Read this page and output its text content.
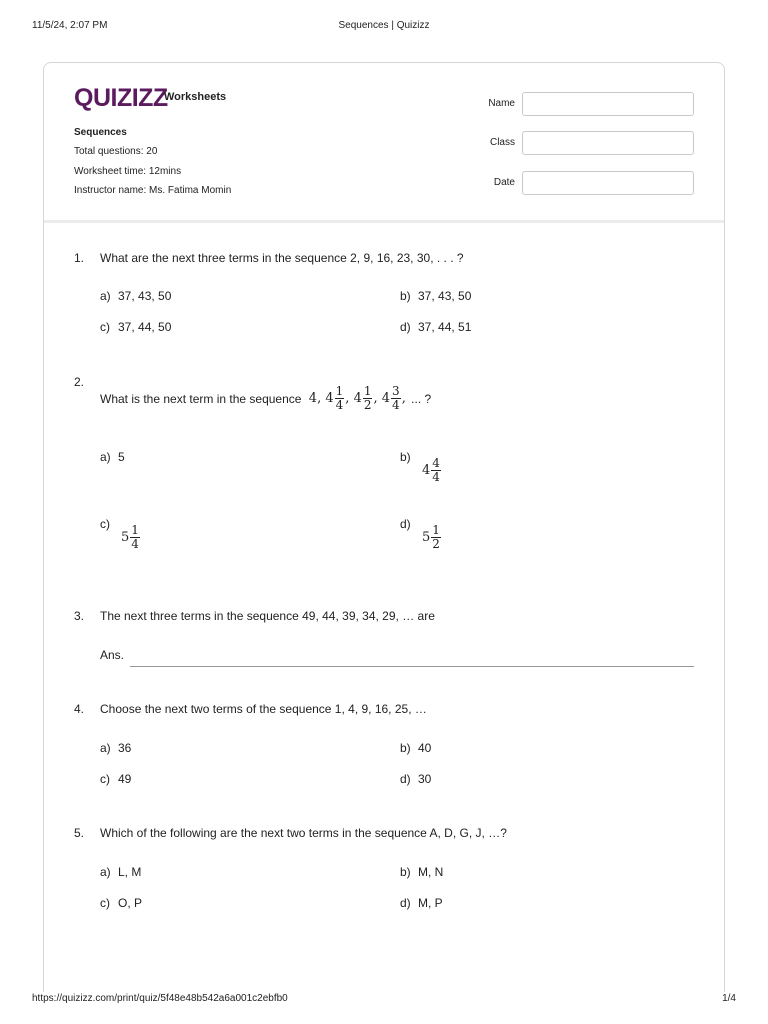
11/5/24, 2:07 PM	Sequences | Quizizz
QUIZIZZ
Worksheets
Sequences
Total questions: 20
Worksheet time: 12mins
Instructor name: Ms. Fatima Momin
Name
Class
Date
1. What are the next three terms in the sequence 2, 9, 16, 23, 30, . . . ?
a) 37, 43, 50	b) 37, 43, 50
c) 37, 44, 50	d) 37, 44, 51
2.
What is the next term in the sequence 4, $4 \frac{1}{4}$ , $4 \frac{1}{2}$ , $4 \frac{3}{4}$ , ... ?
a) 5	b)
$4 \frac{4}{4}$
c)
$5 \frac{1}{4}$	d)
$5 \frac{1}{2}$
3. The next three terms in the sequence 49, 44, 39, 34, 29, … are
Ans.
4. Choose the next two terms of the sequence 1, 4, 9, 16, 25, …
a) 36	b) 40
c) 49	d) 30
5. Which of the following are the next two terms in the sequence A, D, G, J, …?
a) L, M	b) M, N
c) O, P	d) M, P
https://quizizz.com/print/quiz/5f48e48b542a6a001c2ebfb0	1/4
